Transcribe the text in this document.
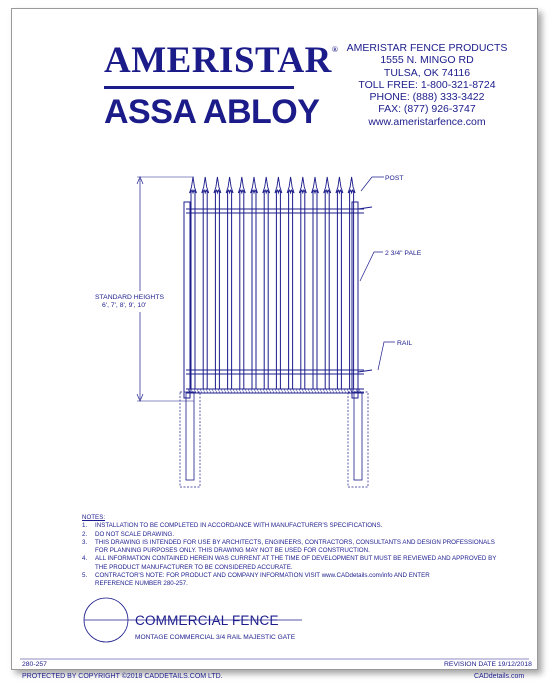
AMERISTAR®
ASSA ABLOY
AMERISTAR FENCE PRODUCTS
1555 N. MINGO RD
TULSA, OK 74116
TOLL FREE: 1-800-321-8724
PHONE: (888) 333-3422
FAX: (877) 926-3747
www.ameristarfence.com
POST
2 3/4" PALE
RAIL
STANDARD HEIGHTS
6', 7', 8', 9', 10'
NOTES:
1.	INSTALLATION TO BE COMPLETED IN ACCORDANCE WITH MANUFACTURER'S SPECIFICATIONS.
2.	DO NOT SCALE DRAWING.
3.	THIS DRAWING IS INTENDED FOR USE BY ARCHITECTS, ENGINEERS, CONTRACTORS, CONSULTANTS AND DESIGN PROFESSIONALS
FOR PLANNING PURPOSES ONLY. THIS DRAWING MAY NOT BE USED FOR CONSTRUCTION.
4.	ALL INFORMATION CONTAINED HEREIN WAS CURRENT AT THE TIME OF DEVELOPMENT BUT MUST BE REVIEWED AND APPROVED BY
THE PRODUCT MANUFACTURER TO BE CONSIDERED ACCURATE.
5.	CONTRACTOR'S NOTE: FOR PRODUCT AND COMPANY INFORMATION VISIT www.CADdetails.com/info AND ENTER
REFERENCE NUMBER 280-257.
COMMERCIAL FENCE
MONTAGE COMMERCIAL 3/4 RAIL MAJESTIC GATE
280-257	REVISION DATE 19/12/2018
PROTECTED BY COPYRIGHT ©2018 CADDETAILS.COM LTD.	CADdetails.com
